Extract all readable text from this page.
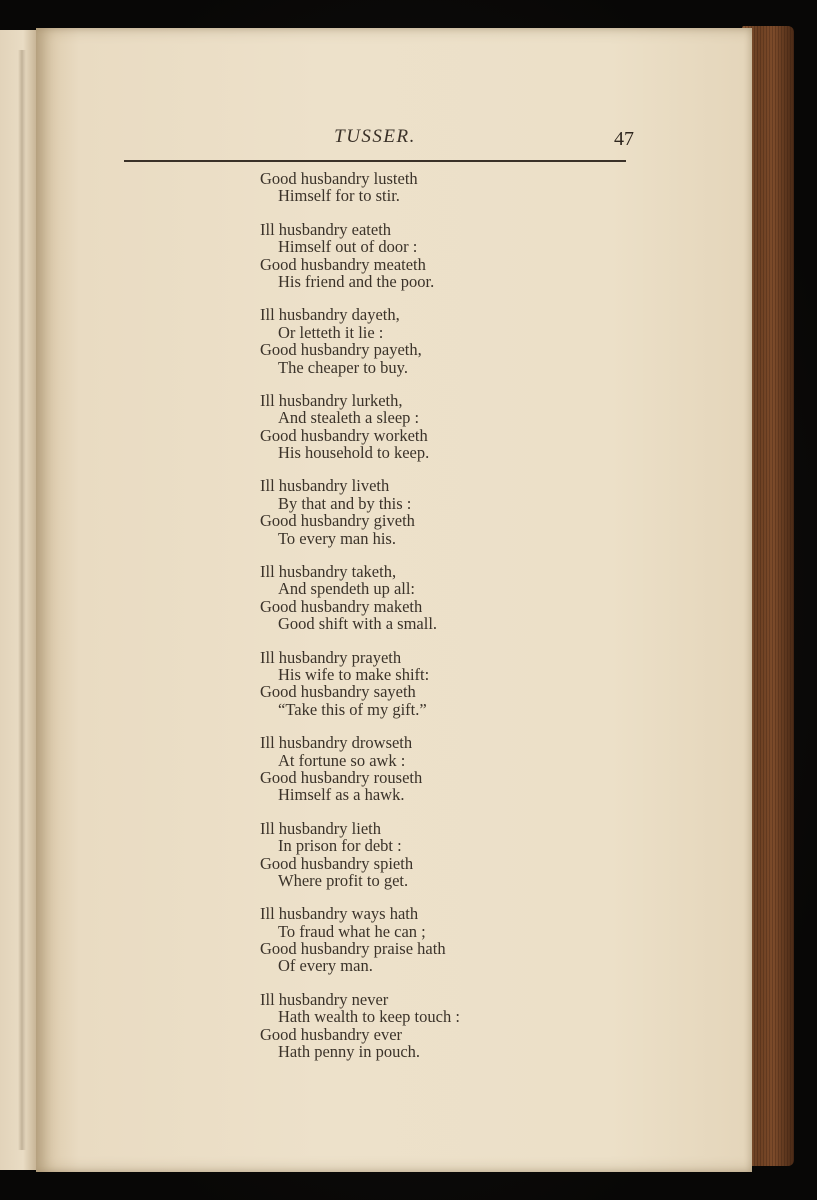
TUSSER.	47
Good husbandry lusteth
Himself for to stir.
Ill husbandry eateth
Himself out of door :
Good husbandry meateth
His friend and the poor.
Ill husbandry dayeth,
Or letteth it lie :
Good husbandry payeth,
The cheaper to buy.
Ill husbandry lurketh,
And stealeth a sleep :
Good husbandry worketh
His household to keep.
Ill husbandry liveth
By that and by this :
Good husbandry giveth
To every man his.
Ill husbandry taketh,
And spendeth up all:
Good husbandry maketh
Good shift with a small.
Ill husbandry prayeth
His wife to make shift:
Good husbandry sayeth
“Take this of my gift.”
Ill husbandry drowseth
At fortune so awk :
Good husbandry rouseth
Himself as a hawk.
Ill husbandry lieth
In prison for debt :
Good husbandry spieth
Where profit to get.
Ill husbandry ways hath
To fraud what he can ;
Good husbandry praise hath
Of every man.
Ill husbandry never
Hath wealth to keep touch :
Good husbandry ever
Hath penny in pouch.
